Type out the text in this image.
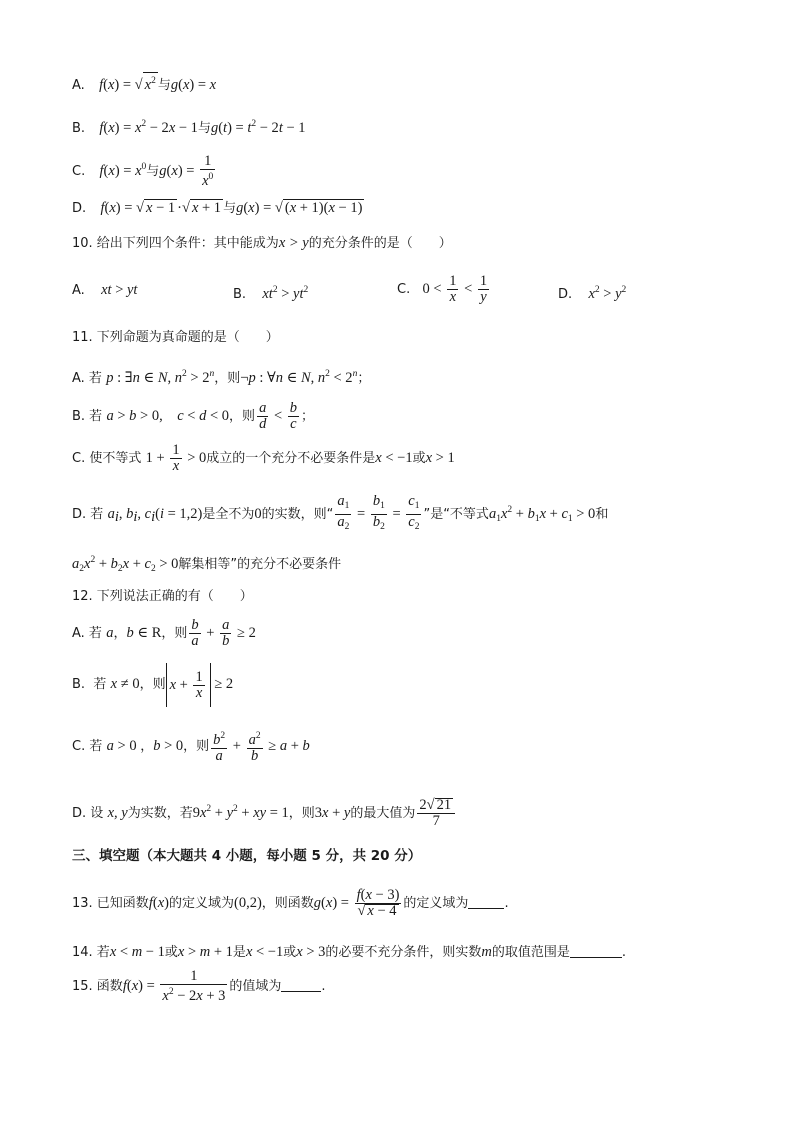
A. f(x) = √ $x^2$ 与g(x) = x
B. $f(x) = x^2 - 2x - 1$与$g(t) = t^2 - 2t - 1$
C. $f(x) = x^0$与$g(x) = \frac{1}{x^0}$
D. f(x) = √ x − 1 ·√ x + 1 与g(x) = √ (x + 1)(x − 1)
10. 给出下列四个条件：其中能成为x > y的充分条件的是（　　）
A. xt > yt	B. $xt^2 > yt^2$	C. $0 < \frac{1}{x} < \frac{1}{y}$	D. $x^2 > y^2$
11. 下列命题为真命题的是（　　）
A. 若 p : ∃n ∈ N, $n^2 > 2^n$，则¬p : ∀n ∈ N, $n^2 < 2^n$；
B. 若 a > b > 0,    c < d < 0，则 $\frac{a}{d} < \frac{b}{c}$ ；
C. 使不等式 $1 + \frac{1}{x} > 0$成立的一个充分不必要条件是x < −1或x > 1
D. 若 $a_i$, $b_i$, $c_i(i = 1,2)$是全不为0的实数，则“ $\frac{a_1}{a_2} = \frac{b_1}{b_2} = \frac{c_1}{c_2}$ ”是“不等式$a_1x^2 + b_1x + c_1 > 0$和
$a_2x^2 + b_2x + c_2 > 0$解集相等”的充分不必要条件
12. 下列说法正确的有（　　）
A. 若 a，b ∈ R，则 $\frac{b}{a} + \frac{a}{b} \ge 2$
B. 若 x ≠ 0，则 $x + \frac{1}{x} \ge 2$
C. 若 a > 0 ，b > 0，则 $\frac{b^2}{a} + \frac{a^2}{b} \ge a + b$
D. 设 x, y为实数，若$9x^2 + y^2$ + xy = 1，则3x + y的最大值为 $\frac{2√ 21}{7}$
三、填空题（本大题共 4 小题，每小题 5 分，共 20 分）
13. 已知函数f(x)的定义域为(0,2)，则函数$g(x) = \frac{f(x - 3)}{√ x - 4}$ 的定义域为	.
14. 若x < m − 1或x > m + 1是x < −1或x > 3的必要不充分条件，则实数m的取值范围是	.
15. 函数$f(x) = \frac{1}{x^2 - 2x + 3}$ 的值域为	.
